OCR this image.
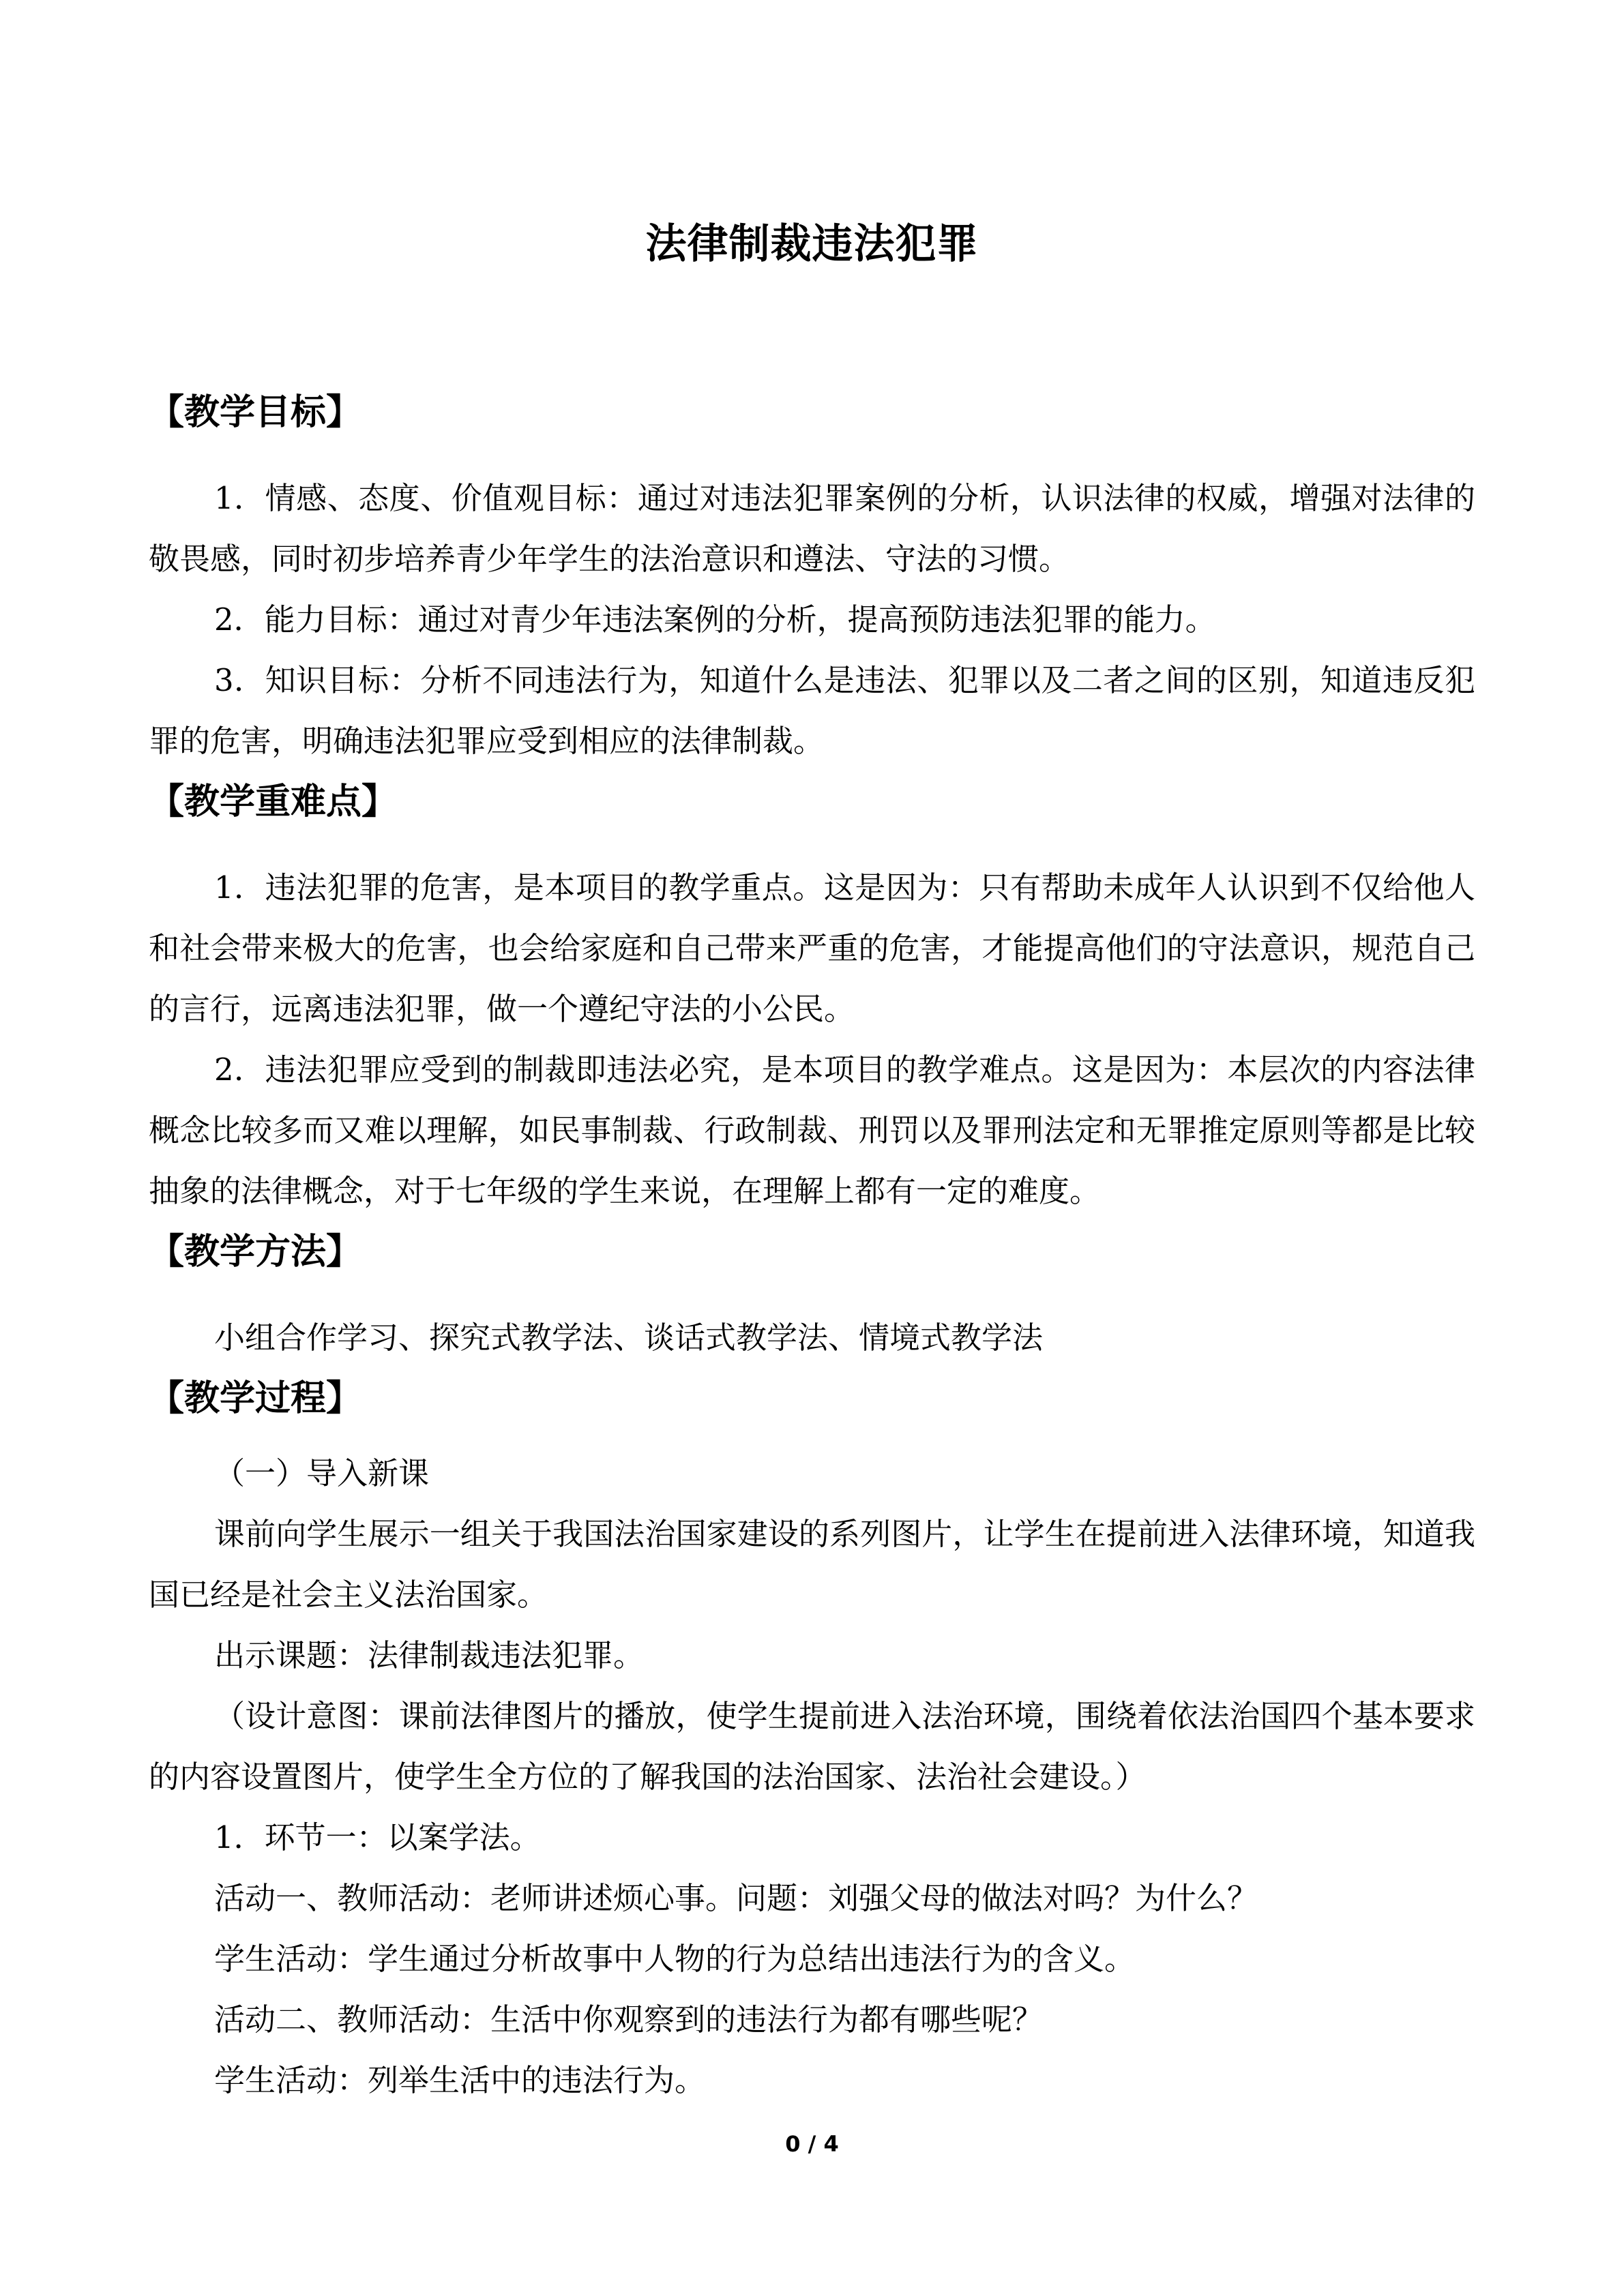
法律制裁违法犯罪
【教学目标】

1．情感、态度、价值观目标：通过对违法犯罪案例的分析，认识法律的权威，增强对法律的敬畏感，同时初步培养青少年学生的法治意识和遵法、守法的习惯。

2．能力目标：通过对青少年违法案例的分析，提高预防违法犯罪的能力。

3．知识目标：分析不同违法行为，知道什么是违法、犯罪以及二者之间的区别，知道违反犯罪的危害，明确违法犯罪应受到相应的法律制裁。

【教学重难点】

1．违法犯罪的危害，是本项目的教学重点。这是因为：只有帮助未成年人认识到不仅给他人和社会带来极大的危害，也会给家庭和自己带来严重的危害，才能提高他们的守法意识，规范自己的言行，远离违法犯罪，做一个遵纪守法的小公民。

2．违法犯罪应受到的制裁即违法必究，是本项目的教学难点。这是因为：本层次的内容法律概念比较多而又难以理解，如民事制裁、行政制裁、刑罚以及罪刑法定和无罪推定原则等都是比较抽象的法律概念，对于七年级的学生来说，在理解上都有一定的难度。

【教学方法】

小组合作学习、探究式教学法、谈话式教学法、情境式教学法

【教学过程】

（一）导入新课

课前向学生展示一组关于我国法治国家建设的系列图片，让学生在提前进入法律环境，知道我国已经是社会主义法治国家。

出示课题：法律制裁违法犯罪。

（设计意图：课前法律图片的播放，使学生提前进入法治环境，围绕着依法治国四个基本要求的内容设置图片，使学生全方位的了解我国的法治国家、法治社会建设。）

1．环节一：以案学法。

活动一、教师活动：老师讲述烦心事。问题：刘强父母的做法对吗？为什么？

学生活动：学生通过分析故事中人物的行为总结出违法行为的含义。

活动二、教师活动：生活中你观察到的违法行为都有哪些呢？

学生活动：列举生活中的违法行为。

0 / 4
